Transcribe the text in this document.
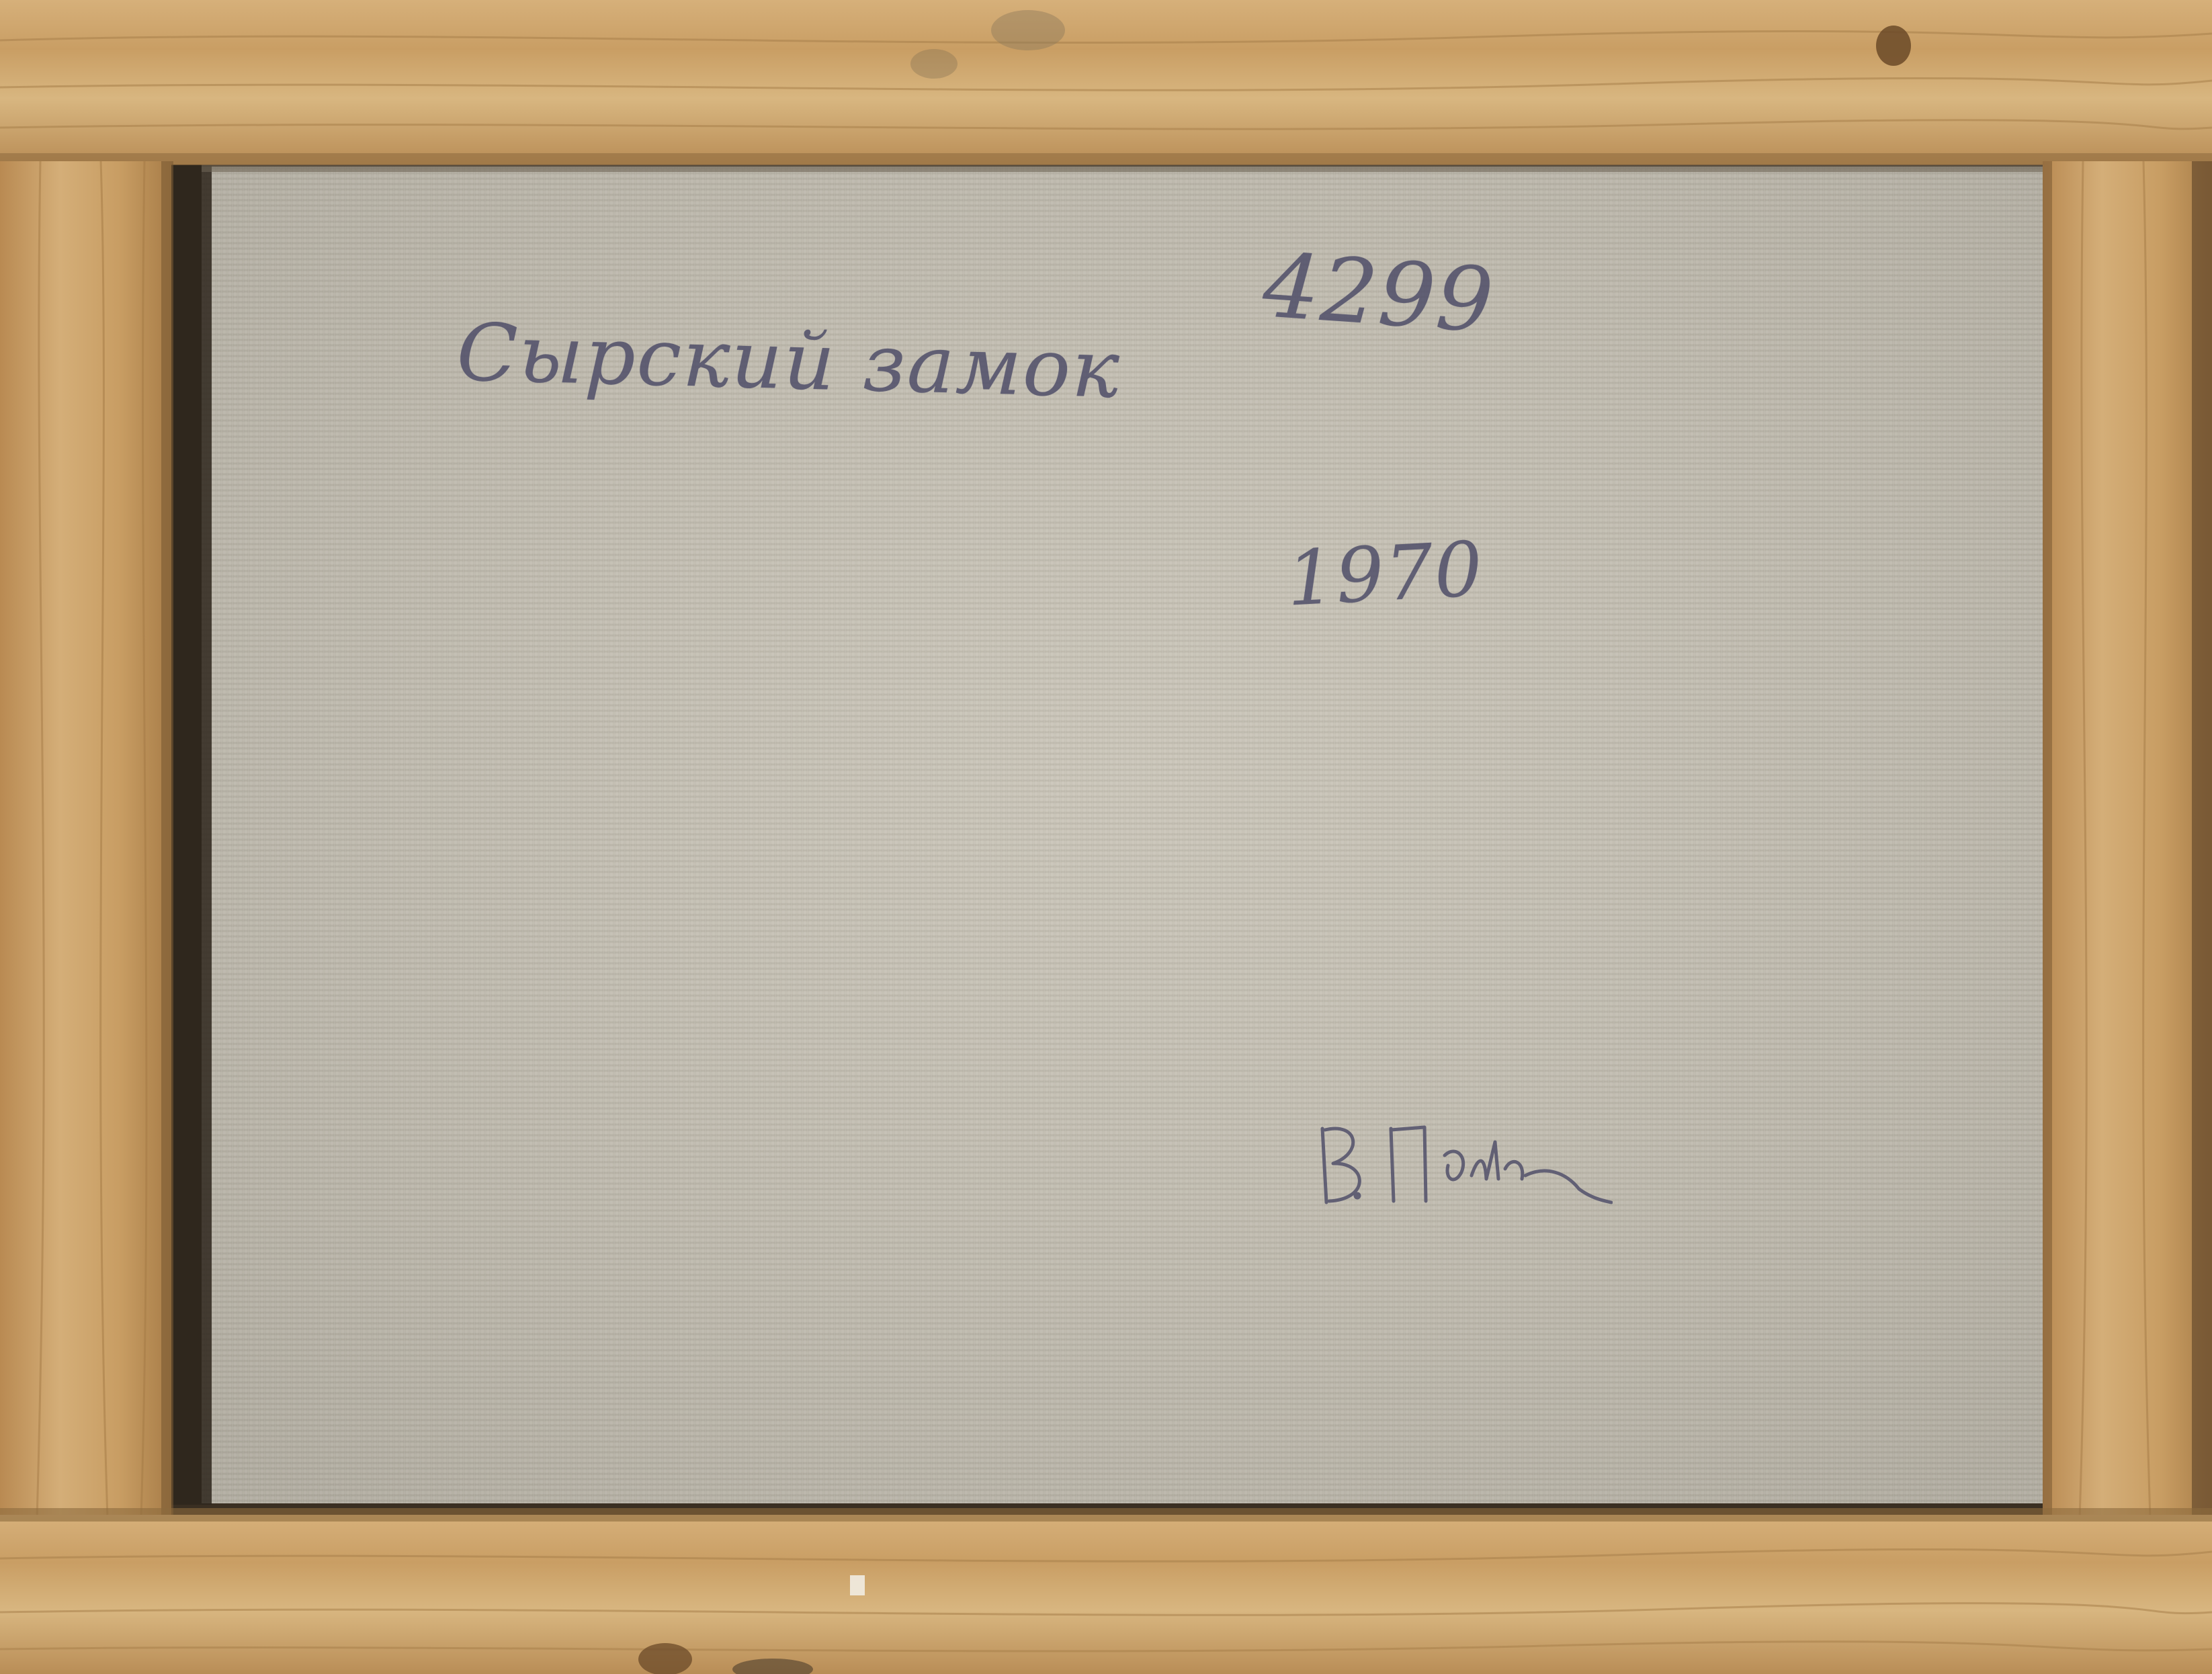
Сырский замок
4299
1970
